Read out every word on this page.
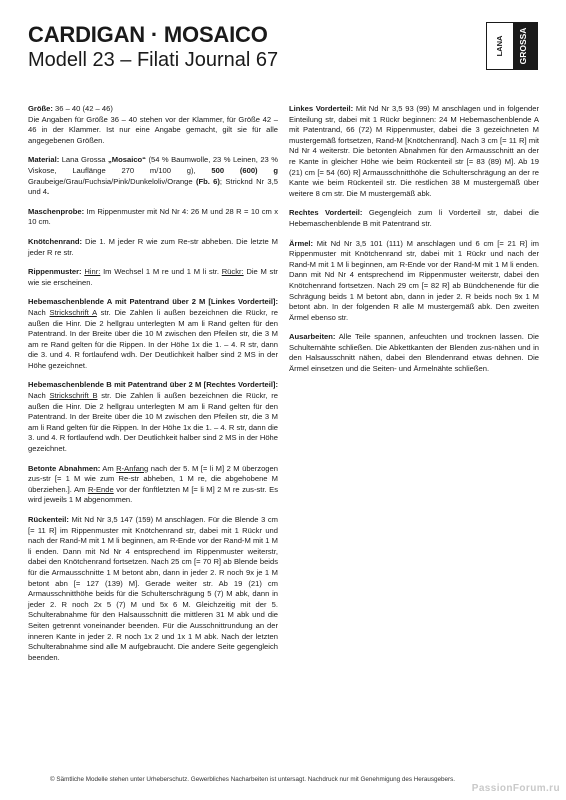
CARDIGAN · MOSAICO
Modell 23 – Filati Journal 67
LANA GROSSA

Größe: 36 – 40 (42 – 46)
Die Angaben für Größe 36 – 40 stehen vor der Klammer, für Größe 42 – 46 in der Klammer. Ist nur eine Angabe gemacht, gilt sie für alle angegebenen Größen.

Material: Lana Grossa „Mosaico“ (54 % Baumwolle, 23 % Leinen, 23 % Viskose, Lauflänge 270 m/100 g), 500 (600) g Graubeige/Grau/Fuchsia/Pink/Dunkeloliv/Orange (Fb. 6); Stricknd Nr 3,5 und 4.

Maschenprobe: Im Rippenmuster mit Nd Nr 4: 26 M und 28 R = 10 cm x 10 cm.

Knötchenrand: Die 1. M jeder R wie zum Re-str abheben. Die letzte M jeder R re str.

Rippenmuster: Hinr: Im Wechsel 1 M re und 1 M li str. Rückr: Die M str wie sie erscheinen.

Hebemaschenblende A mit Patentrand über 2 M [Linkes Vorderteil]: Nach Strickschrift A str. Die Zahlen li außen bezeichnen die Rückr, re außen die Hinr. Die 2 hellgrau unterlegten M am li Rand gelten für den Patentrand. In der Breite über die 10 M zwischen den Pfeilen str, die 3 M am re Rand gelten für die Rippen. In der Höhe 1x die 1. – 4. R str, dann die 3. und 4. R fortlaufend wdh. Der Deutlichkeit halber sind 2 MS in der Höhe gezeichnet.

Hebemaschenblende B mit Patentrand über 2 M [Rechtes Vorderteil]: Nach Strickschrift B str. Die Zahlen li außen bezeichnen die Rückr, re außen die Hinr. Die 2 hellgrau unterlegten M am li Rand gelten für den Patentrand. In der Breite über die 10 M zwischen den Pfeilen str, die 3 M am li Rand gelten für die Rippen. In der Höhe 1x die 1. – 4. R str, dann die 3. und 4. R fortlaufend wdh. Der Deutlichkeit halber sind 2 MS in der Höhe gezeichnet.

Betonte Abnahmen: Am R-Anfang nach der 5. M [= li M] 2 M überzogen zus-str [= 1 M wie zum Re-str abheben, 1 M re, die abgehobene M überziehen.]. Am R-Ende vor der fünftletzten M [= li M] 2 M re zus-str. Es wird jeweils 1 M abgenommen.

Rückenteil: Mit Nd Nr 3,5 147 (159) M anschlagen. Für die Blende 3 cm [= 11 R] im Rippenmuster mit Knötchenrand str, dabei mit 1 Rückr und nach der Rand-M mit 1 M li beginnen, am R-Ende vor der Rand-M mit 1 M li enden. Dann mit Nd Nr 4 entsprechend im Rippenmuster weiterstr, dabei den Knötchenrand fortsetzen. Nach 25 cm [= 70 R] ab Blende beids für die Armausschnitte 1 M betont abn, dann in jeder 2. R noch 9x je 1 M betont abn [= 127 (139) M]. Gerade weiter str. Ab 19 (21) cm Armausschnitthöhe beids für die Schulterschrägung 5 (7) M abk, dann in jeder 2. R noch 2x 5 (7) M und 5x 6 M. Gleichzeitig mit der 5. Schulterabnahme für den Halsausschnitt die mittleren 31 M abk und die Seiten getrennt voneinander beenden. Für die Ausschnittrundung an der inneren Kante in jeder 2. R noch 1x 2 und 1x 1 M abk. Nach der letzten Schulterabnahme sind alle M aufgebraucht. Die andere Seite gegengleich beenden.

Linkes Vorderteil: Mit Nd Nr 3,5 93 (99) M anschlagen und in folgender Einteilung str, dabei mit 1 Rückr beginnen: 24 M Hebemaschenblende A mit Patentrand, 66 (72) M Rippenmuster, dabei die 3 gezeichneten M mustergemäß fortsetzen, Rand-M [Knötchenrand]. Nach 3 cm [= 11 R] mit Nd Nr 4 weiterstr. Die betonten Abnahmen für den Armausschnitt an der re Kante in gleicher Höhe wie beim Rückenteil str [= 83 (89) M]. Ab 19 (21) cm [= 54 (60) R] Armausschnitthöhe die Schulterschrägung an der re Kante wie beim Rückenteil str. Die restlichen 38 M mustergemäß über weitere 8 cm str. Die M mustergemäß abk.

Rechtes Vorderteil: Gegengleich zum li Vorderteil str, dabei die Hebemaschenblende B mit Patentrand str.

Ärmel: Mit Nd Nr 3,5 101 (111) M anschlagen und 6 cm [= 21 R] im Rippenmuster mit Knötchenrand str, dabei mit 1 Rückr und nach der Rand-M mit 1 M li beginnen, am R-Ende vor der Rand-M mit 1 M li enden. Dann mit Nd Nr 4 entsprechend im Rippenmuster weiterstr, dabei den Knötchenrand fortsetzen. Nach 29 cm [= 82 R] ab Bündchenende für die Schrägung beids 1 M betont abn, dann in jeder 2. R beids noch 9x 1 M betont abn. In der folgenden R alle M mustergemäß abk. Den zweiten Ärmel ebenso str.

Ausarbeiten: Alle Teile spannen, anfeuchten und trocknen lassen. Die Schulternähte schließen. Die Abkettkanten der Blenden zus-nähen und in den Halsausschnitt nähen, dabei den Blendenrand etwas dehnen. Die Ärmel einsetzen und die Seiten- und Ärmelnähte schließen.

© Sämtliche Modelle stehen unter Urheberschutz. Gewerbliches Nacharbeiten ist untersagt. Nachdruck nur mit Genehmigung des Herausgebers.
PassionForum.ru
